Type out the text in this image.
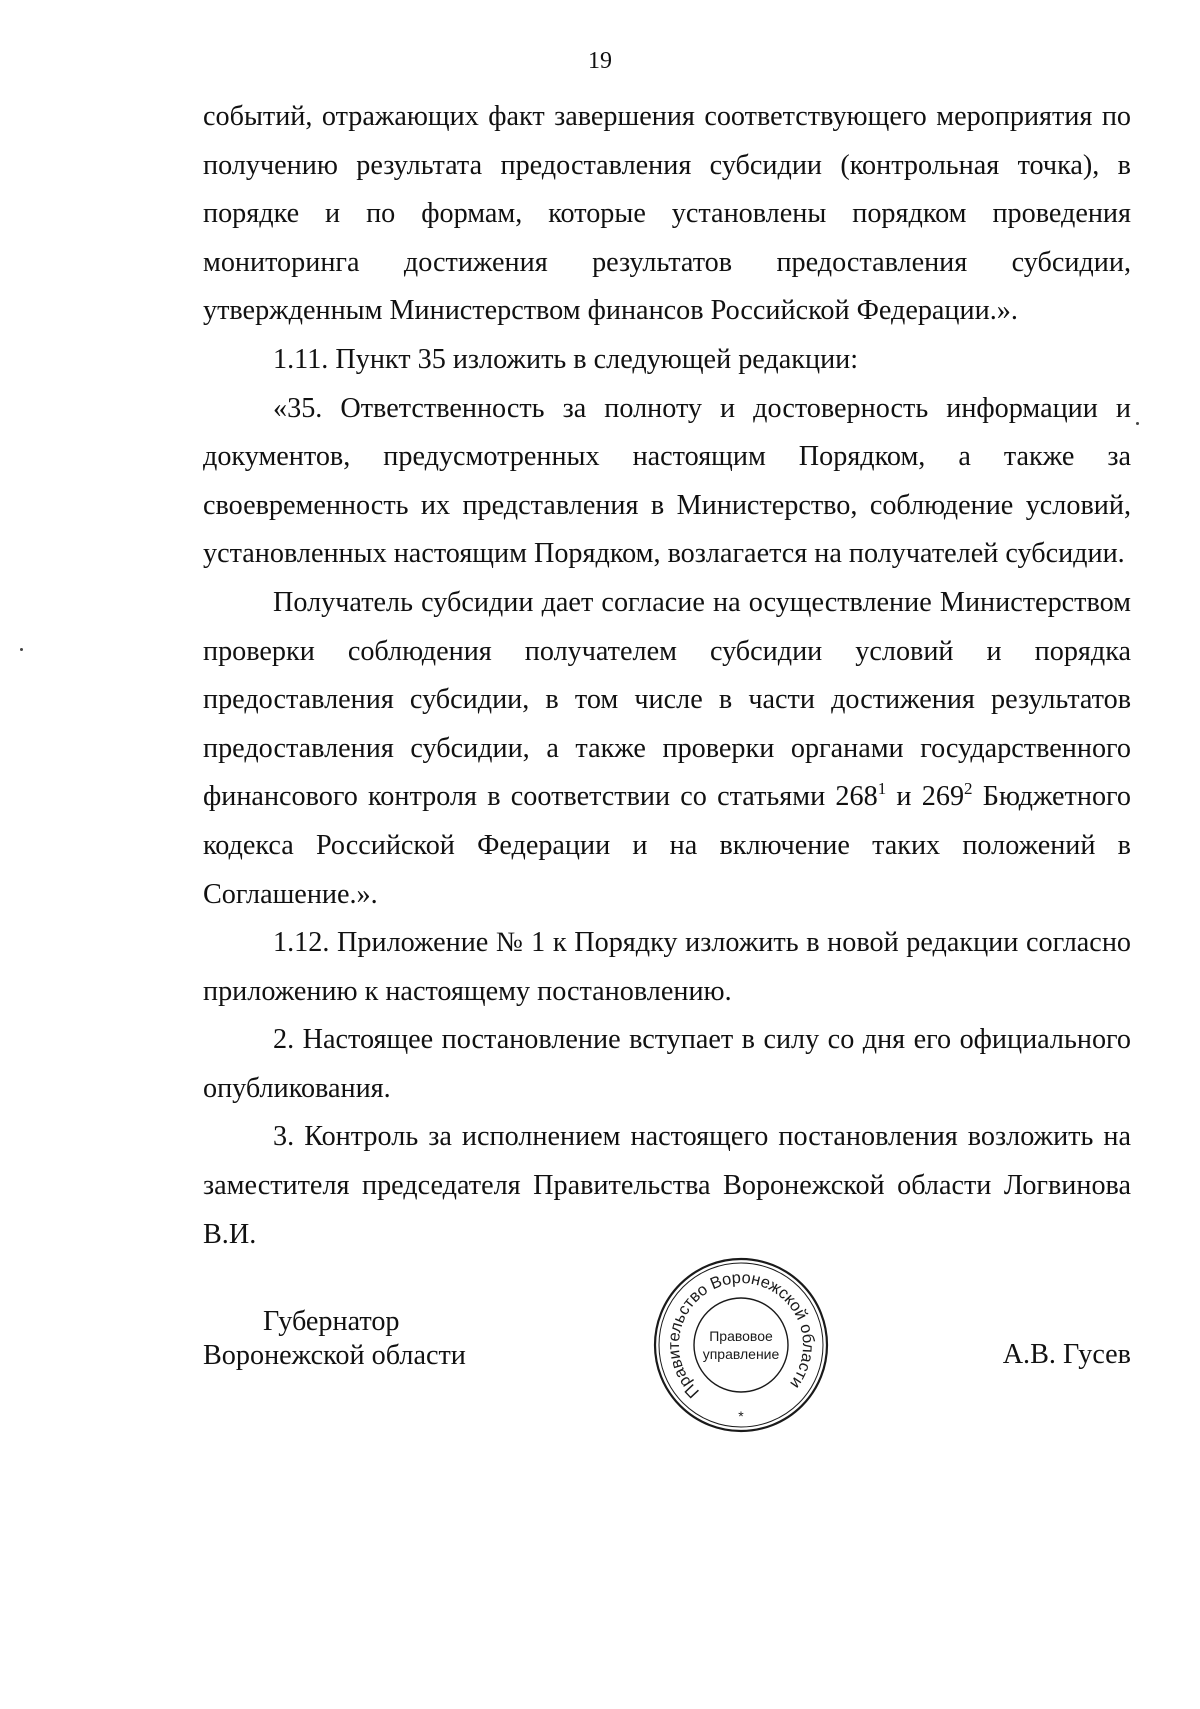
19

событий, отражающих факт завершения соответствующего мероприятия по получению результата предоставления субсидии (контрольная точка), в порядке и по формам, которые установлены порядком проведения мониторинга достижения результатов предоставления субсидии, утвержденным Министерством финансов Российской Федерации.».

1.11. Пункт 35 изложить в следующей редакции:

«35. Ответственность за полноту и достоверность информации и документов, предусмотренных настоящим Порядком, а также за своевременность их представления в Министерство, соблюдение условий, установленных настоящим Порядком, возлагается на получателей субсидии.

Получатель субсидии дает согласие на осуществление Министерством проверки соблюдения получателем субсидии условий и порядка предоставления субсидии, в том числе в части достижения результатов предоставления субсидии, а также проверки органами государственного финансового контроля в соответствии со статьями $268^1$ и $269^2$ Бюджетного кодекса Российской Федерации и на включение таких положений в Соглашение.».

1.12. Приложение № 1 к Порядку изложить в новой редакции согласно приложению к настоящему постановлению.

2. Настоящее постановление вступает в силу со дня его официального опубликования.

3. Контроль за исполнением настоящего постановления возложить на заместителя председателя Правительства Воронежской области Логвинова В.И.

Губернатор
Воронежской области
Правительство Воронежской области
Правовое
управление
*
А.В. Гусев
